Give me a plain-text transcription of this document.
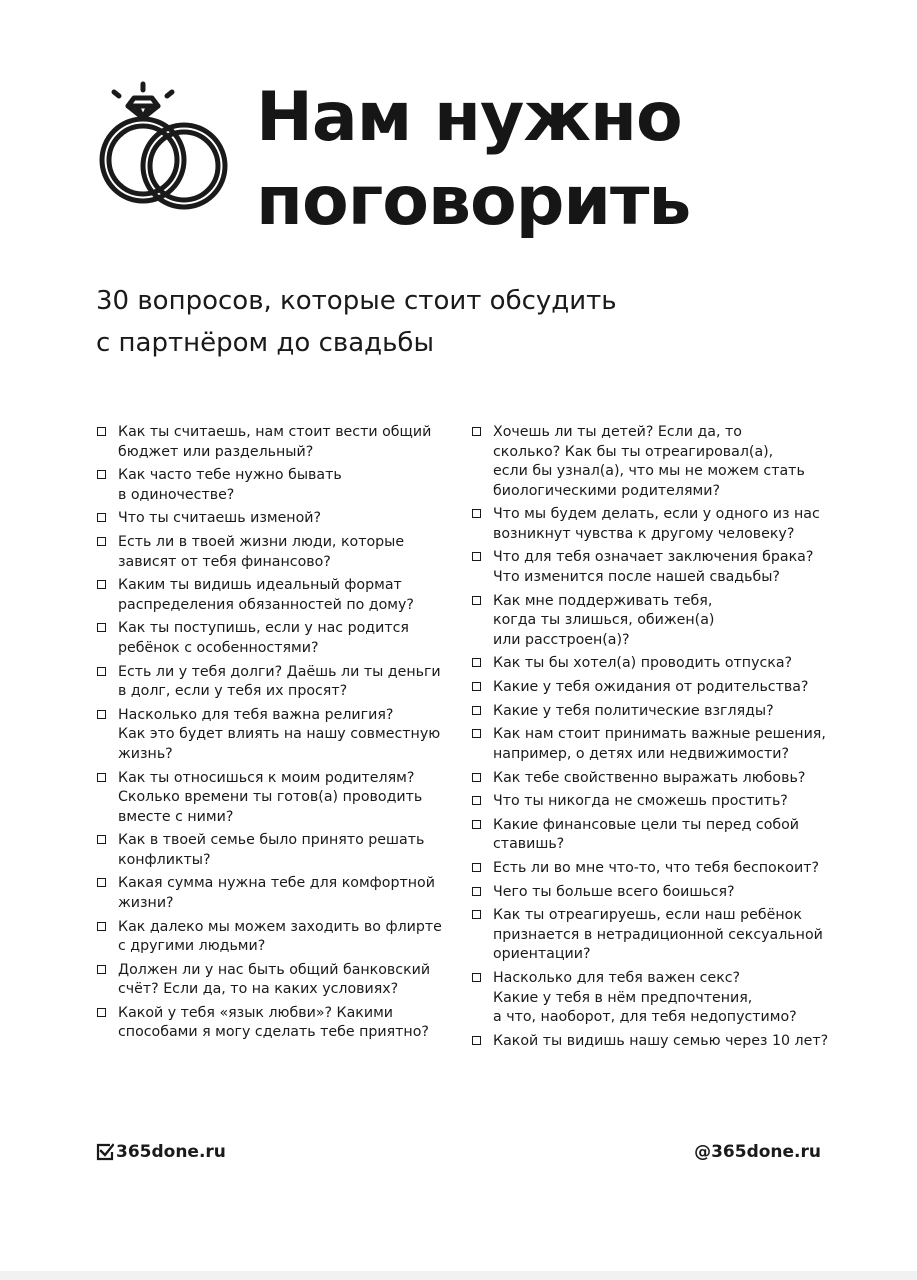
Нам нужно
поговорить

30 вопросов, которые стоит обсудить
с партнёром до свадьбы

Как ты считаешь, нам стоит вести общий
бюджет или раздельный?
Как часто тебе нужно бывать
в одиночестве?
Что ты считаешь изменой?
Есть ли в твоей жизни люди, которые
зависят от тебя финансово?
Каким ты видишь идеальный формат
распределения обязанностей по дому?
Как ты поступишь, если у нас родится
ребёнок с особенностями?
Есть ли у тебя долги? Даёшь ли ты деньги
в долг, если у тебя их просят?
Насколько для тебя важна религия?
Как это будет влиять на нашу совместную
жизнь?
Как ты относишься к моим родителям?
Сколько времени ты готов(а) проводить
вместе с ними?
Как в твоей семье было принято решать
конфликты?
Какая сумма нужна тебе для комфортной
жизни?
Как далеко мы можем заходить во флирте
с другими людьми?
Должен ли у нас быть общий банковский
счёт? Если да, то на каких условиях?
Какой у тебя «язык любви»? Какими
способами я могу сделать тебе приятно?
Хочешь ли ты детей? Если да, то
сколько? Как бы ты отреагировал(а),
если бы узнал(а), что мы не можем стать
биологическими родителями?
Что мы будем делать, если у одного из нас
возникнут чувства к другому человеку?
Что для тебя означает заключения брака?
Что изменится после нашей свадьбы?
Как мне поддерживать тебя,
когда ты злишься, обижен(а)
или расстроен(а)?
Как ты бы хотел(а) проводить отпуска?
Какие у тебя ожидания от родительства?
Какие у тебя политические взгляды?
Как нам стоит принимать важные решения,
например, о детях или недвижимости?
Как тебе свойственно выражать любовь?
Что ты никогда не сможешь простить?
Какие финансовые цели ты перед собой
ставишь?
Есть ли во мне что-то, что тебя беспокоит?
Чего ты больше всего боишься?
Как ты отреагируешь, если наш ребёнок
признается в нетрадиционной сексуальной
ориентации?
Насколько для тебя важен секс?
Какие у тебя в нём предпочтения,
а что, наоборот, для тебя недопустимо?
Какой ты видишь нашу семью через 10 лет?
365done.ru	@365done.ru
